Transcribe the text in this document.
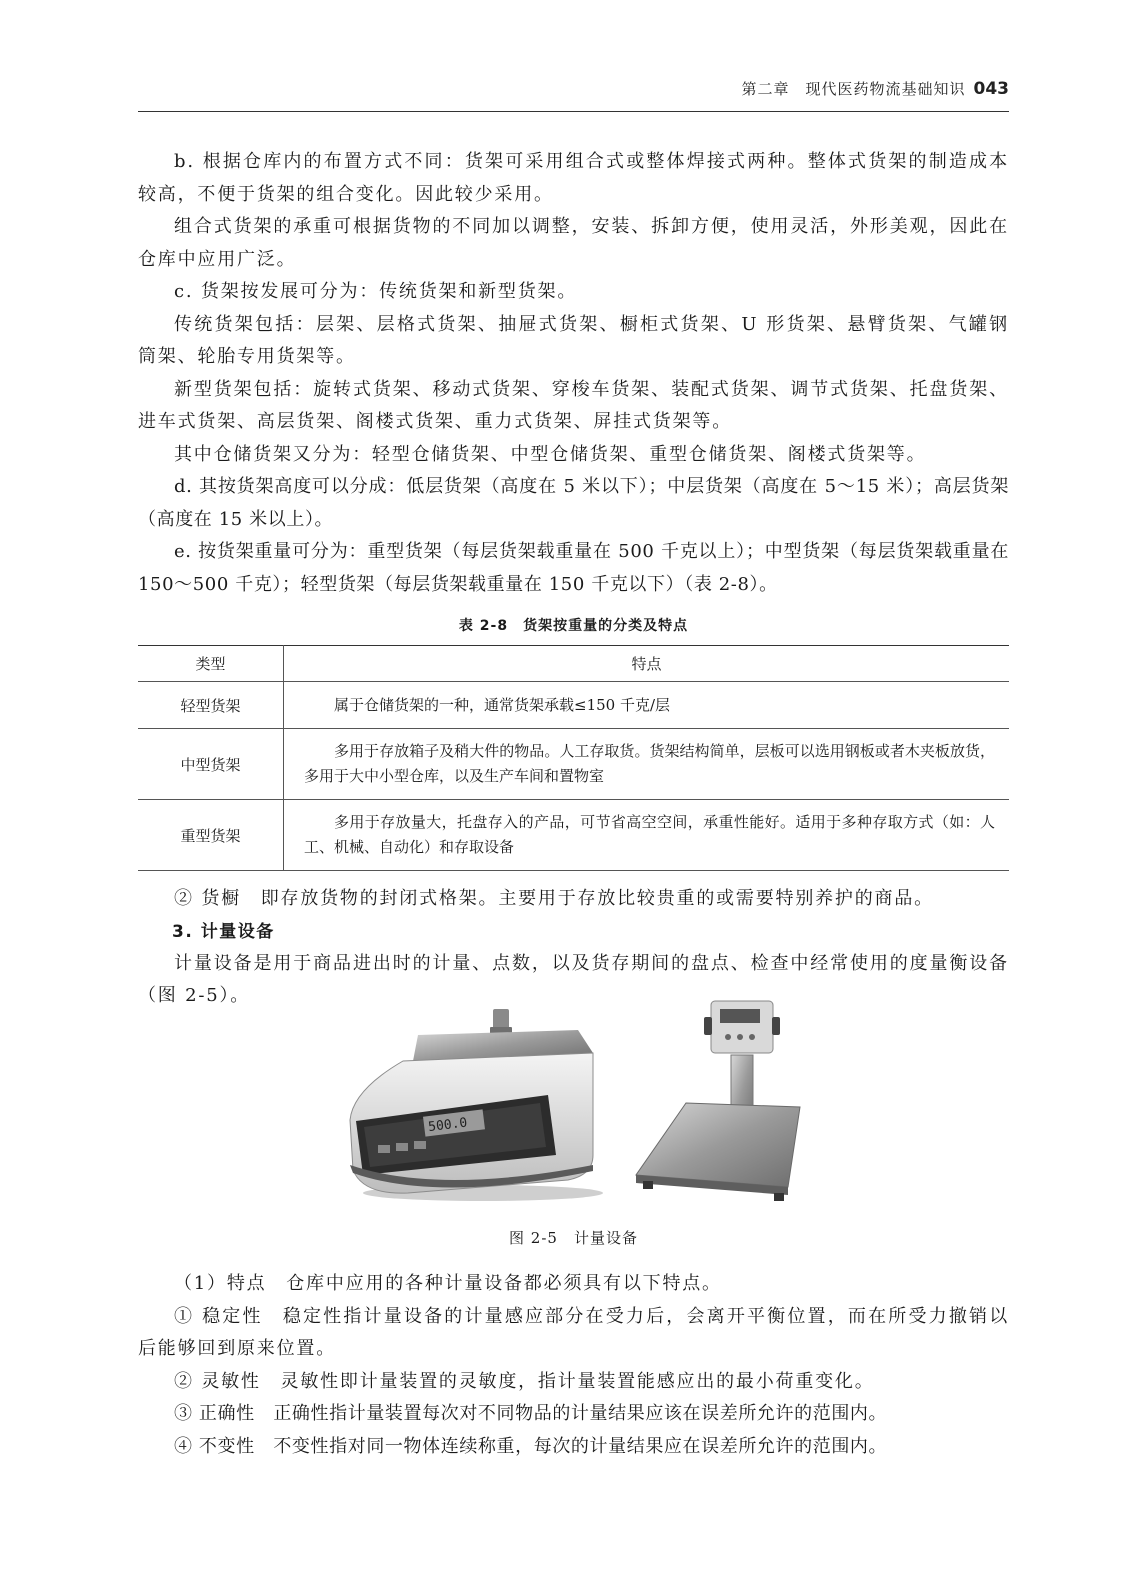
第二章　现代医药物流基础知识 043

b. 根据仓库内的布置方式不同：货架可采用组合式或整体焊接式两种。整体式货架的制造成本较高，不便于货架的组合变化。因此较少采用。

组合式货架的承重可根据货物的不同加以调整，安装、拆卸方便，使用灵活，外形美观，因此在仓库中应用广泛。

c. 货架按发展可分为：传统货架和新型货架。

传统货架包括：层架、层格式货架、抽屉式货架、橱柜式货架、U 形货架、悬臂货架、气罐钢筒架、轮胎专用货架等。

新型货架包括：旋转式货架、移动式货架、穿梭车货架、装配式货架、调节式货架、托盘货架、进车式货架、高层货架、阁楼式货架、重力式货架、屏挂式货架等。

其中仓储货架又分为：轻型仓储货架、中型仓储货架、重型仓储货架、阁楼式货架等。

d. 其按货架高度可以分成：低层货架（高度在 5 米以下）；中层货架（高度在 5～15 米）；高层货架（高度在 15 米以上）。

e. 按货架重量可分为：重型货架（每层货架载重量在 500 千克以上）；中型货架（每层货架载重量在 150～500 千克）；轻型货架（每层货架载重量在 150 千克以下）（表 2-8）。

表 2-8　货架按重量的分类及特点
类型	特点
轻型货架	属于仓储货架的一种，通常货架承载≤150 千克/层

中型货架	多用于存放箱子及稍大件的物品。人工存取货。货架结构简单，层板可以选用钢板或者木夹板放货，多用于大中小型仓库，以及生产车间和置物室

重型货架	多用于存放量大，托盘存入的产品，可节省高空空间，承重性能好。适用于多种存取方式（如：人工、机械、自动化）和存取设备

② 货橱　即存放货物的封闭式格架。主要用于存放比较贵重的或需要特别养护的商品。

3. 计量设备

计量设备是用于商品进出时的计量、点数，以及货存期间的盘点、检查中经常使用的度量衡设备（图 2-5）。

500.0
图 2-5　计量设备

（1）特点　仓库中应用的各种计量设备都必须具有以下特点。

① 稳定性　稳定性指计量设备的计量感应部分在受力后，会离开平衡位置，而在所受力撤销以后能够回到原来位置。

② 灵敏性　灵敏性即计量装置的灵敏度，指计量装置能感应出的最小荷重变化。

③ 正确性　正确性指计量装置每次对不同物品的计量结果应该在误差所允许的范围内。

④ 不变性　不变性指对同一物体连续称重，每次的计量结果应在误差所允许的范围内。
